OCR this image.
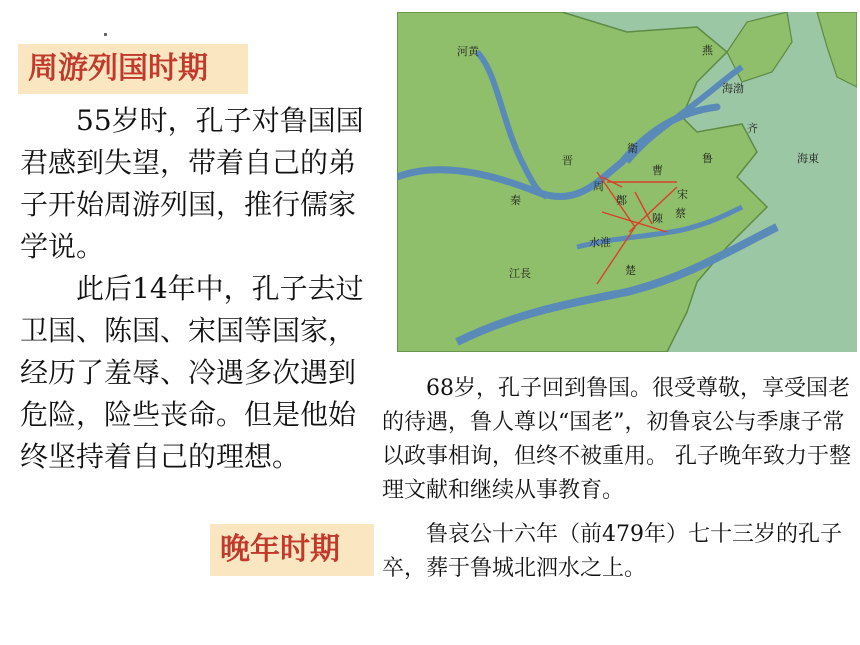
周游列国时期

55岁时，孔子对鲁国国君感到失望，带着自己的弟子开始周游列国，推行儒家学说。

此后14年中，孔子去过卫国、陈国、宋国等国家，经历了羞辱、冷遇多次遇到危险，险些丧命。但是他始终坚持着自己的理想。

晚年时期
河黄	燕
海渤
齐
衛
曹
鲁
晋
秦
海東
周
鄭	宋
蔡
陳
水淮
江長	楚

68岁，孔子回到鲁国。很受尊敬，享受国老的待遇，鲁人尊以“国老”，初鲁哀公与季康子常以政事相询，但终不被重用。 孔子晚年致力于整理文献和继续从事教育。

鲁哀公十六年（前479年）七十三岁的孔子卒，葬于鲁城北泗水之上。
